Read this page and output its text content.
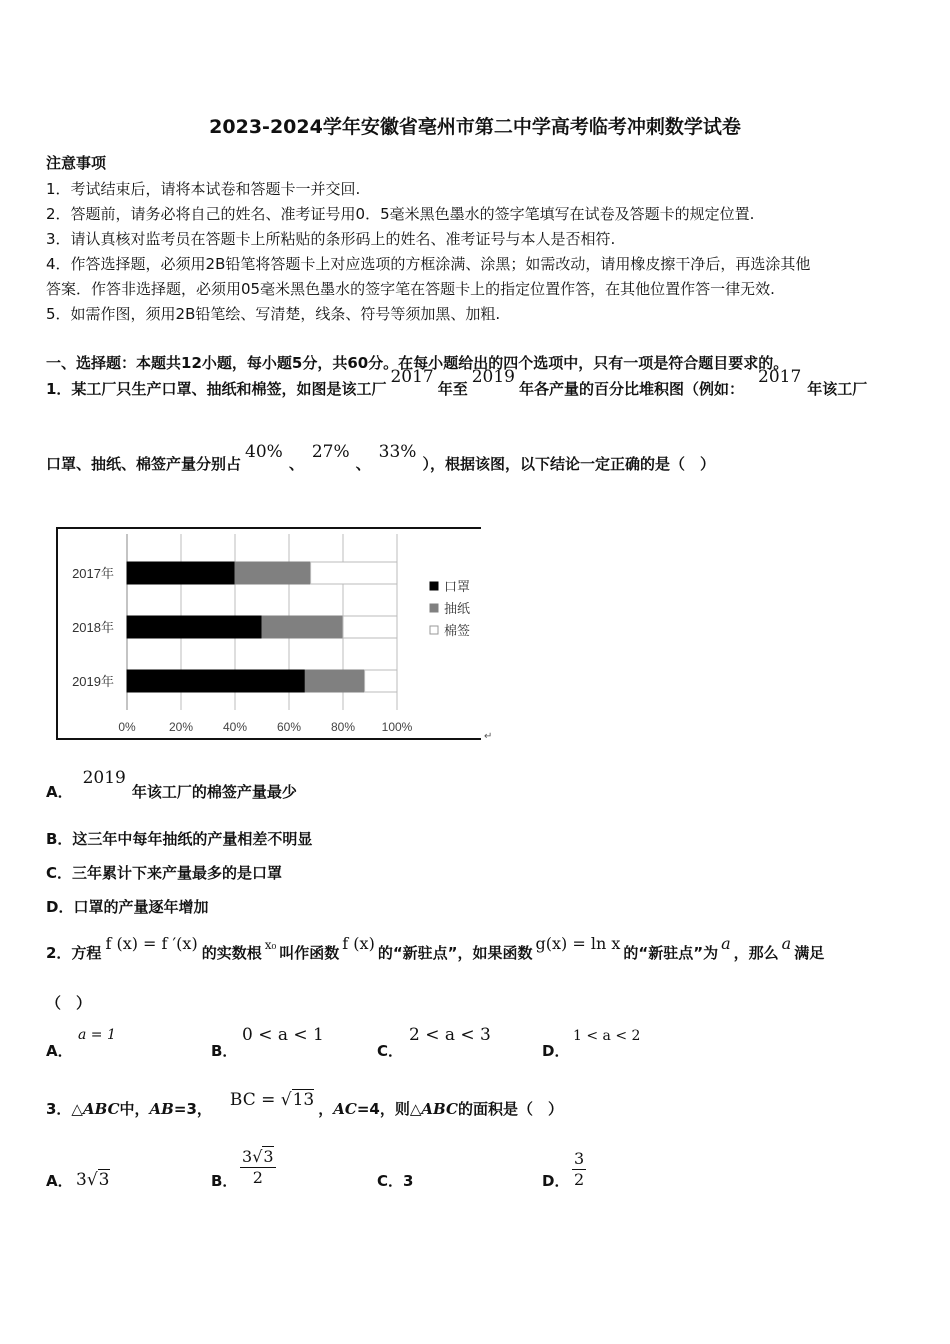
2023-2024学年安徽省亳州市第二中学高考临考冲刺数学试卷
注意事项
1．考试结束后，请将本试卷和答题卡一并交回.
2．答题前，请务必将自己的姓名、准考证号用0．5毫米黑色墨水的签字笔填写在试卷及答题卡的规定位置.
3．请认真核对监考员在答题卡上所粘贴的条形码上的姓名、准考证号与本人是否相符.
4．作答选择题，必须用2B铅笔将答题卡上对应选项的方框涂满、涂黑；如需改动，请用橡皮擦干净后，再选涂其他
答案．作答非选择题，必须用05毫米黑色墨水的签字笔在答题卡上的指定位置作答，在其他位置作答一律无效.
5．如需作图，须用2B铅笔绘、写清楚，线条、符号等须加黑、加粗.
一、选择题：本题共12小题，每小题5分，共60分。在每小题给出的四个选项中，只有一项是符合题目要求的。
1．某工厂只生产口罩、抽纸和棉签，如图是该工厂2017年至2019年各产量的百分比堆积图（例如：2017年该工厂
口罩、抽纸、棉签产量分别占40%、27%、33%），根据该图，以下结论一定正确的是（　）
0%	20% 40% 60% 80% 100%
2017年
2018年
2019年
口罩
抽纸
棉签
↵
A．2019年该工厂的棉签产量最少
B．这三年中每年抽纸的产量相差不明显
C．三年累计下来产量最多的是口罩
D．口罩的产量逐年增加
2．方程 f (x) = f ′(x) 的实数根 $^{x_0}$ 叫作函数 f (x) 的“新驻点”，如果函数 g(x) = ln x 的“新驻点”为 a ，那么 a 满足
（　）
A．
a = 1
B．
0 < a < 1
C．
2 < a < 3
D．
1 < a < 2
3．△ABC中，AB=3， BC = √13 ，AC=4，则△ABC的面积是（　）
A． 3√3	B． $\frac{3√3}{2}$	C．3	D． $\frac{3}{2}$
